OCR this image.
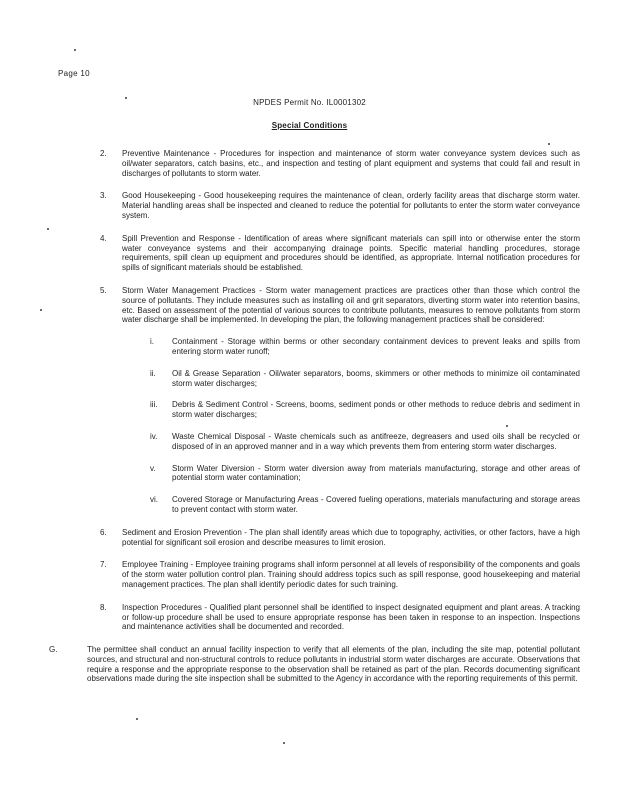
Page 10
NPDES Permit No. IL0001302
Special Conditions
2.	Preventive Maintenance - Procedures for inspection and maintenance of storm water conveyance system devices such as oil/water separators, catch basins, etc., and inspection and testing of plant equipment and systems that could fail and result in discharges of pollutants to storm water.
3.	Good Housekeeping - Good housekeeping requires the maintenance of clean, orderly facility areas that discharge storm water. Material handling areas shall be inspected and cleaned to reduce the potential for pollutants to enter the storm water conveyance system.
4.	Spill Prevention and Response - Identification of areas where significant materials can spill into or otherwise enter the storm water conveyance systems and their accompanying drainage points. Specific material handling procedures, storage requirements, spill clean up equipment and procedures should be identified, as appropriate. Internal notification procedures for spills of significant materials should be established.
5.	Storm Water Management Practices - Storm water management practices are practices other than those which control the source of pollutants. They include measures such as installing oil and grit separators, diverting storm water into retention basins, etc. Based on assessment of the potential of various sources to contribute pollutants, measures to remove pollutants from storm water discharge shall be implemented. In developing the plan, the following management practices shall be considered:
i.	Containment - Storage within berms or other secondary containment devices to prevent leaks and spills from entering storm water runoff;
ii.	Oil & Grease Separation - Oil/water separators, booms, skimmers or other methods to minimize oil contaminated storm water discharges;
iii.	Debris & Sediment Control - Screens, booms, sediment ponds or other methods to reduce debris and sediment in storm water discharges;
iv.	Waste Chemical Disposal - Waste chemicals such as antifreeze, degreasers and used oils shall be recycled or disposed of in an approved manner and in a way which prevents them from entering storm water discharges.
v.	Storm Water Diversion - Storm water diversion away from materials manufacturing, storage and other areas of potential storm water contamination;
vi.	Covered Storage or Manufacturing Areas - Covered fueling operations, materials manufacturing and storage areas to prevent contact with storm water.
6.	Sediment and Erosion Prevention - The plan shall identify areas which due to topography, activities, or other factors, have a high potential for significant soil erosion and describe measures to limit erosion.
7.	Employee Training - Employee training programs shall inform personnel at all levels of responsibility of the components and goals of the storm water pollution control plan. Training should address topics such as spill response, good housekeeping and material management practices. The plan shall identify periodic dates for such training.
8.	Inspection Procedures - Qualified plant personnel shall be identified to inspect designated equipment and plant areas. A tracking or follow-up procedure shall be used to ensure appropriate response has been taken in response to an inspection. Inspections and maintenance activities shall be documented and recorded.
G.	The permittee shall conduct an annual facility inspection to verify that all elements of the plan, including the site map, potential pollutant sources, and structural and non-structural controls to reduce pollutants in industrial storm water discharges are accurate. Observations that require a response and the appropriate response to the observation shall be retained as part of the plan. Records documenting significant observations made during the site inspection shall be submitted to the Agency in accordance with the reporting requirements of this permit.
